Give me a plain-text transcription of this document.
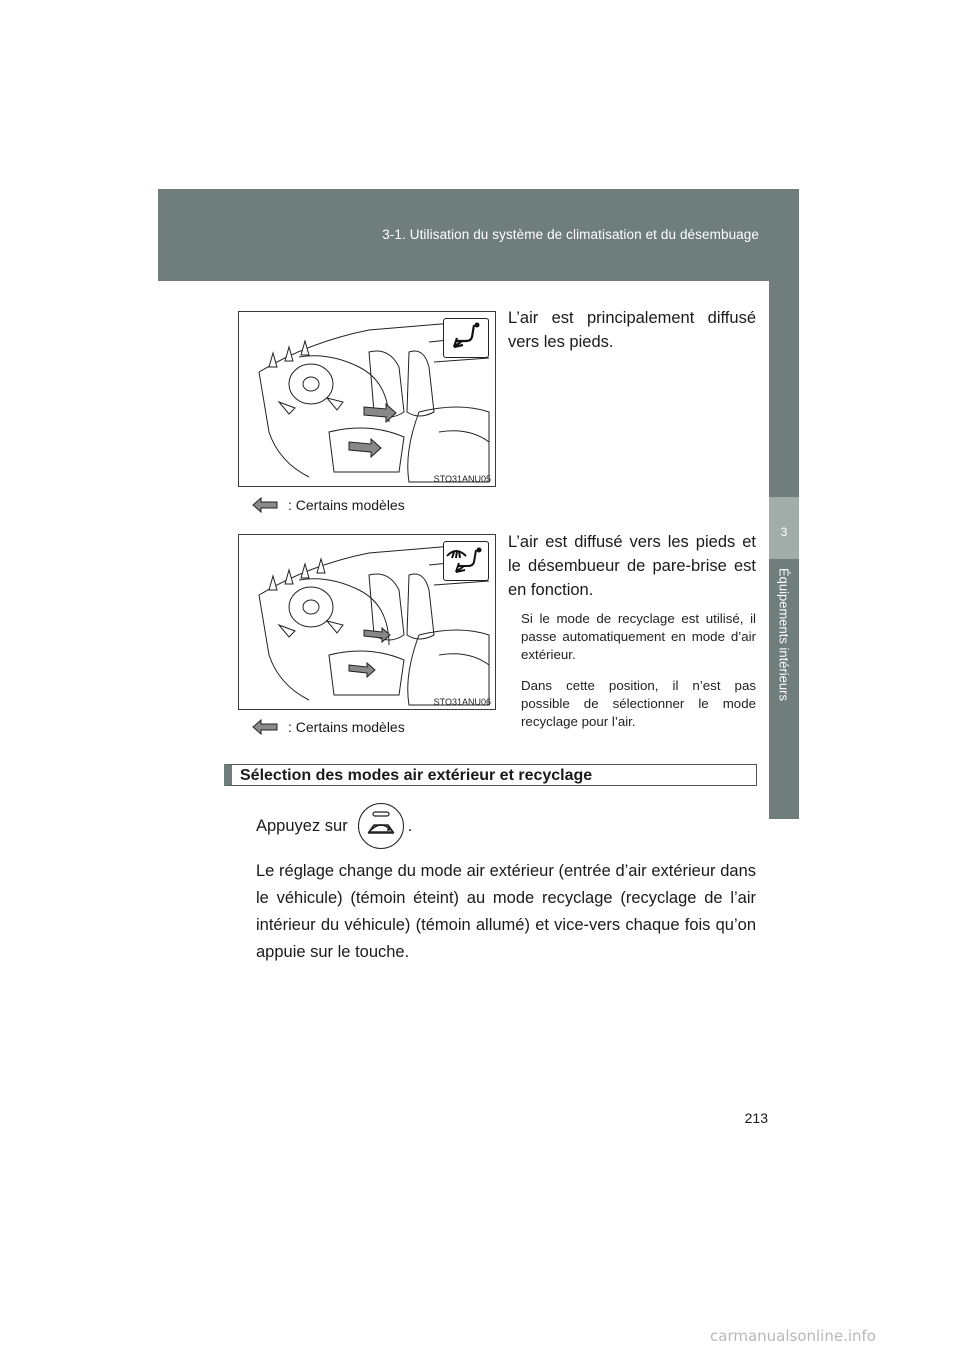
3-1. Utilisation du système de climatisation et du désembuage
3
Équipements intérieurs
STO31ANU05
: Certains modèles
L’air est principalement diffusé vers les pieds.
STO31ANU06
: Certains modèles
L’air est diffusé vers les pieds et le désembueur de pare-brise est en fonction.
Si le mode de recyclage est utilisé, il passe automatiquement en mode d’air extérieur.
Dans cette position, il n’est pas possible de sélectionner le mode recyclage pour l’air.
Sélection des modes air extérieur et recyclage
Appuyez sur	.
Le réglage change du mode air extérieur (entrée d’air extérieur dans le véhicule) (témoin éteint) au mode recyclage (recyclage de l’air intérieur du véhicule) (témoin allumé) et vice-vers chaque fois qu’on appuie sur le touche.
213
carmanualsonline.info
